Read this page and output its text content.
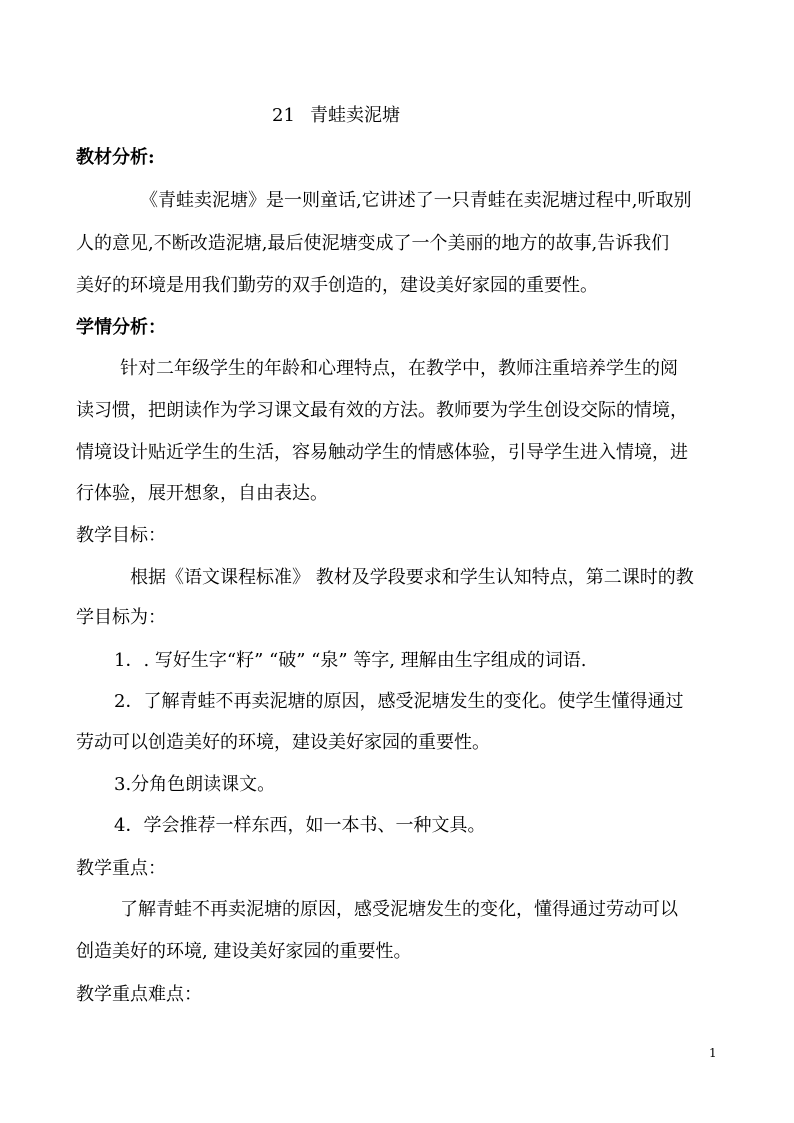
21 青蛙卖泥塘
教材分析:
《青蛙卖泥塘》是一则童话,它讲述了一只青蛙在卖泥塘过程中,听取别
人的意见,不断改造泥塘,最后使泥塘变成了一个美丽的地方的故事,告诉我们
美好的环境是用我们勤劳的双手创造的，建设美好家园的重要性。
学情分析：
针对二年级学生的年龄和心理特点，在教学中，教师注重培养学生的阅
读习惯，把朗读作为学习课文最有效的方法。教师要为学生创设交际的情境，
情境设计贴近学生的生活，容易触动学生的情感体验，引导学生进入情境，进
行体验，展开想象，自由表达。
教学目标：
根据《语文课程标准》 教材及学段要求和学生认知特点，第二课时的教
学目标为：
1．. 写好生字“籽” “破” “泉” 等字, 理解由生字组成的词语.
2．了解青蛙不再卖泥塘的原因，感受泥塘发生的变化。使学生懂得通过
劳动可以创造美好的环境，建设美好家园的重要性。
3.分角色朗读课文。
4．学会推荐一样东西，如一本书、一种文具。
教学重点：
了解青蛙不再卖泥塘的原因，感受泥塘发生的变化，懂得通过劳动可以
创造美好的环境, 建设美好家园的重要性。
教学重点难点：
1
